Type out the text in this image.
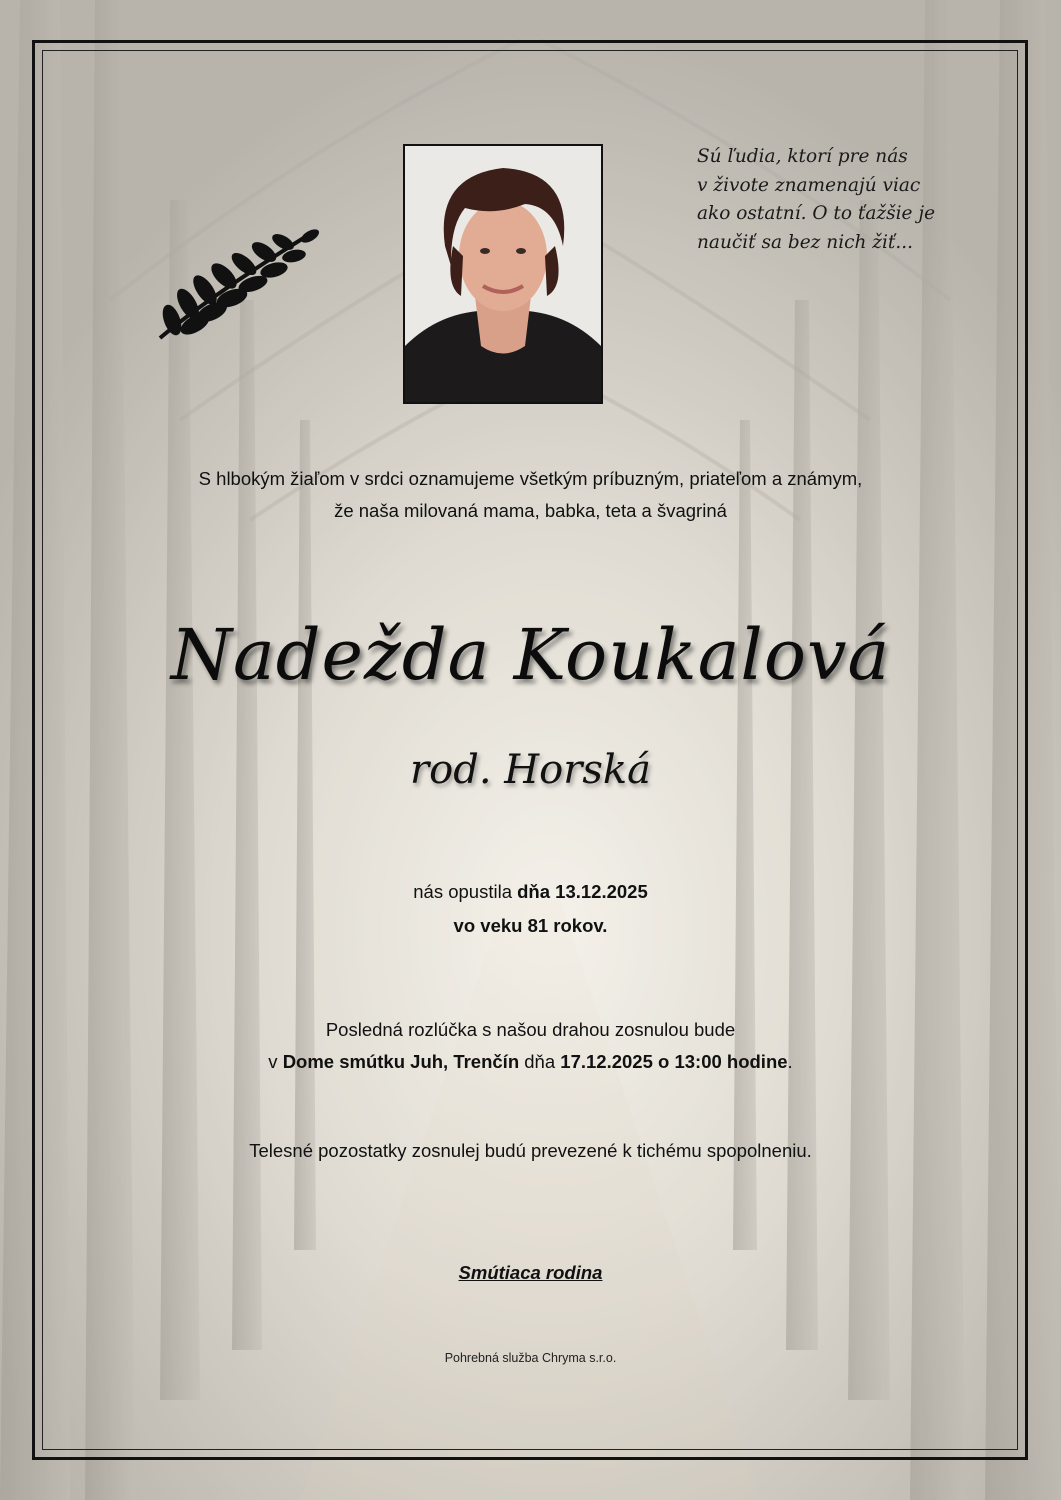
Sú ľudia, ktorí pre nás
v živote znamenajú viac
ako ostatní. O to ťažšie je
naučiť sa bez nich žiť...
S hlbokým žiaľom v srdci oznamujeme všetkým príbuzným, priateľom a známym,
že naša milovaná mama, babka, teta a švagriná
Nadežda Koukalová
rod. Horská
nás opustila dňa 13.12.2025
vo veku 81 rokov.
Posledná rozlúčka s našou drahou zosnulou bude
v Dome smútku Juh, Trenčín dňa 17.12.2025 o 13:00 hodine.
Telesné pozostatky zosnulej budú prevezené k tichému spopolneniu.
Smútiaca rodina
Pohrebná služba Chryma s.r.o.
